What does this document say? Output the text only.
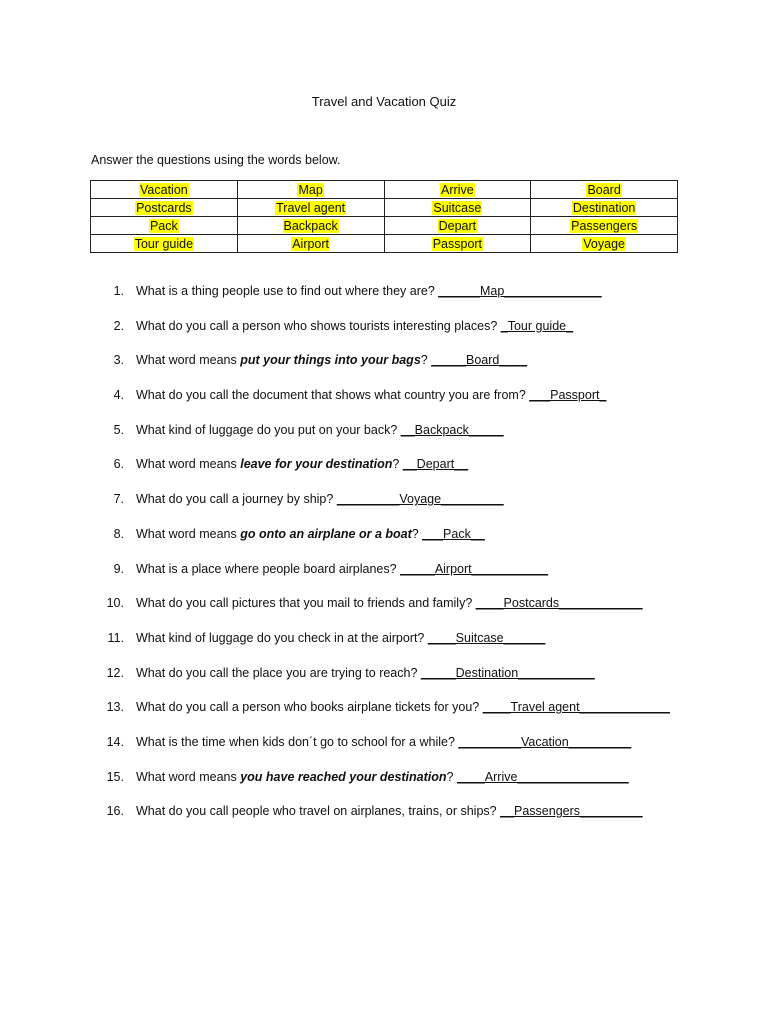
Travel and Vacation Quiz
Answer the questions using the words below.
Vacation	Map	Arrive	Board
Postcards	Travel agent	Suitcase	Destination
Pack	Backpack	Depart	Passengers
Tour guide	Airport	Passport	Voyage
1. What is a thing people use to find out where they are? ______Map______________
2. What do you call a person who shows tourists interesting places? _Tour guide_
3. What word means put your things into your bags? _____Board____
4. What do you call the document that shows what country you are from? ___Passport_
5. What kind of luggage do you put on your back? __Backpack_____
6. What word means leave for your destination? __Depart__
7. What do you call a journey by ship? _________Voyage_________
8. What word means go onto an airplane or a boat? ___Pack__
9. What is a place where people board airplanes? _____Airport___________
10. What do you call pictures that you mail to friends and family? ____Postcards____________
11. What kind of luggage do you check in at the airport? ____Suitcase______
12. What do you call the place you are trying to reach? _____Destination___________
13. What do you call a person who books airplane tickets for you? ____Travel agent_____________
14. What is the time when kids don´t go to school for a while? _________Vacation_________
15. What word means you have reached your destination? ____Arrive________________
16. What do you call people who travel on airplanes, trains, or ships? __Passengers_________
